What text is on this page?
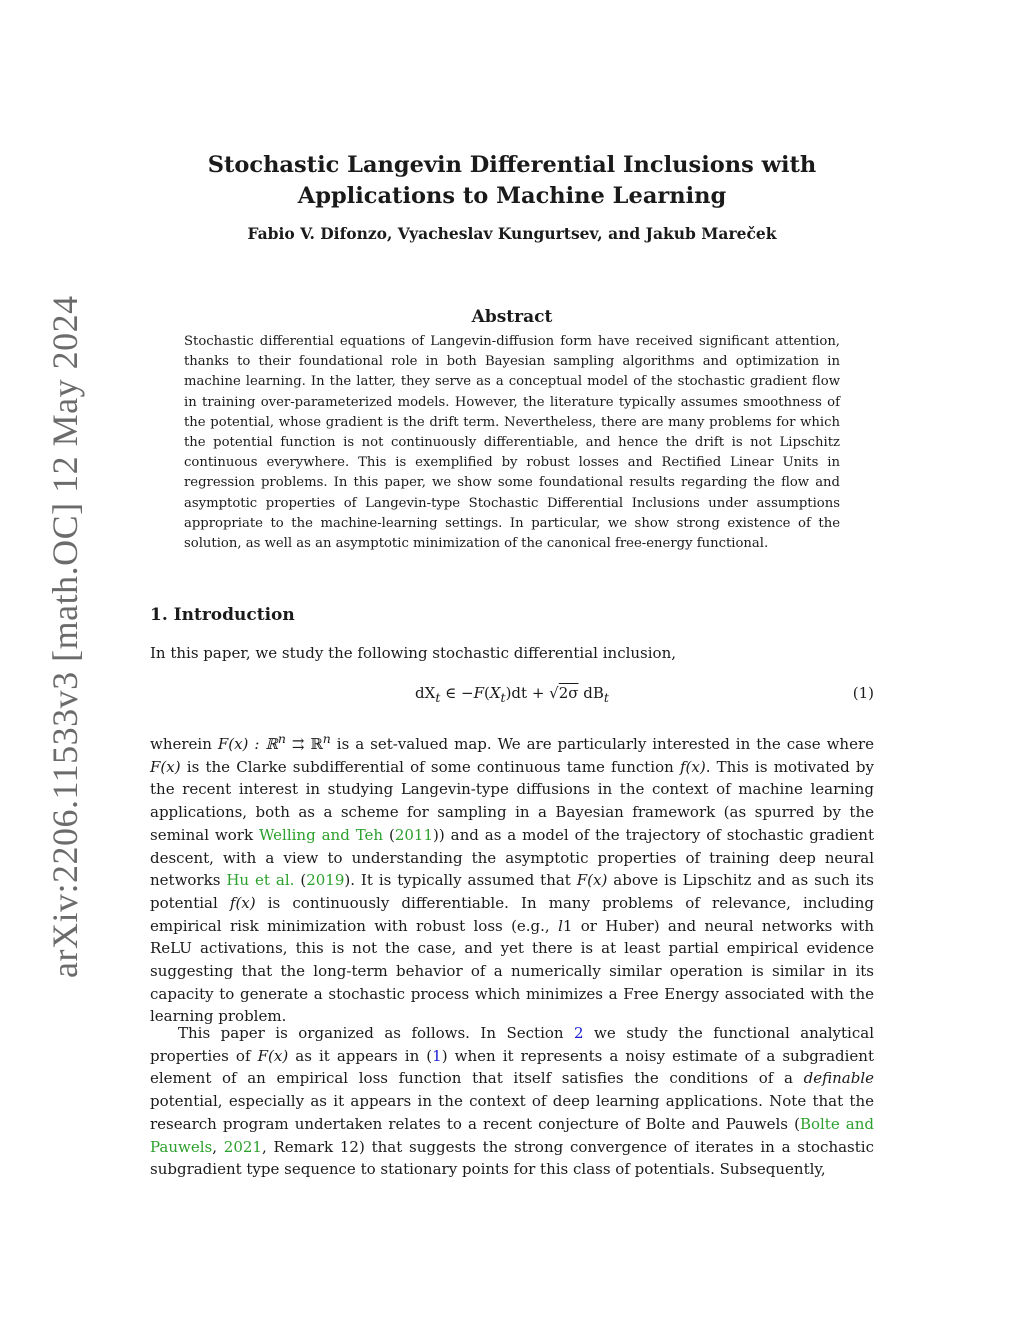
arXiv:2206.11533v3 [math.OC] 12 May 2024
Stochastic Langevin Differential Inclusions with Applications to Machine Learning
Fabio V. Difonzo, Vyacheslav Kungurtsev, and Jakub Mareček
Abstract

Stochastic differential equations of Langevin-diffusion form have received significant attention, thanks to their foundational role in both Bayesian sampling algorithms and optimization in machine learning. In the latter, they serve as a conceptual model of the stochastic gradient flow in training over-parameterized models. However, the literature typically assumes smoothness of the potential, whose gradient is the drift term. Nevertheless, there are many problems for which the potential function is not continuously differentiable, and hence the drift is not Lipschitz continuous everywhere. This is exemplified by robust losses and Rectified Linear Units in regression problems. In this paper, we show some foundational results regarding the flow and asymptotic properties of Langevin-type Stochastic Differential Inclusions under assumptions appropriate to the machine-learning settings. In particular, we show strong existence of the solution, as well as an asymptotic minimization of the canonical free-energy functional.

1. Introduction

In this paper, we study the following stochastic differential inclusion,

$dX_t$ ∈ $-F(X_t)dt + √2\sigma$ $dB_t$	(1)

wherein F(x) : ℝ$^n$ ⇉ ℝ$^n$ is a set-valued map. We are particularly interested in the case where F(x) is the Clarke subdifferential of some continuous tame function f(x). This is motivated by the recent interest in studying Langevin-type diffusions in the context of machine learning applications, both as a scheme for sampling in a Bayesian framework (as spurred by the seminal work Welling and Teh (2011)) and as a model of the trajectory of stochastic gradient descent, with a view to understanding the asymptotic properties of training deep neural networks Hu et al. (2019). It is typically assumed that F(x) above is Lipschitz and as such its potential f(x) is continuously differentiable. In many problems of relevance, including empirical risk minimization with robust loss (e.g., l1 or Huber) and neural networks with ReLU activations, this is not the case, and yet there is at least partial empirical evidence suggesting that the long-term behavior of a numerically similar operation is similar in its capacity to generate a stochastic process which minimizes a Free Energy associated with the learning problem.

This paper is organized as follows. In Section 2 we study the functional analytical properties of F(x) as it appears in (1) when it represents a noisy estimate of a subgradient element of an empirical loss function that itself satisfies the conditions of a definable potential, especially as it appears in the context of deep learning applications. Note that the research program undertaken relates to a recent conjecture of Bolte and Pauwels (Bolte and Pauwels, 2021, Remark 12) that suggests the strong convergence of iterates in a stochastic subgradient type sequence to stationary points for this class of potentials. Subsequently,
